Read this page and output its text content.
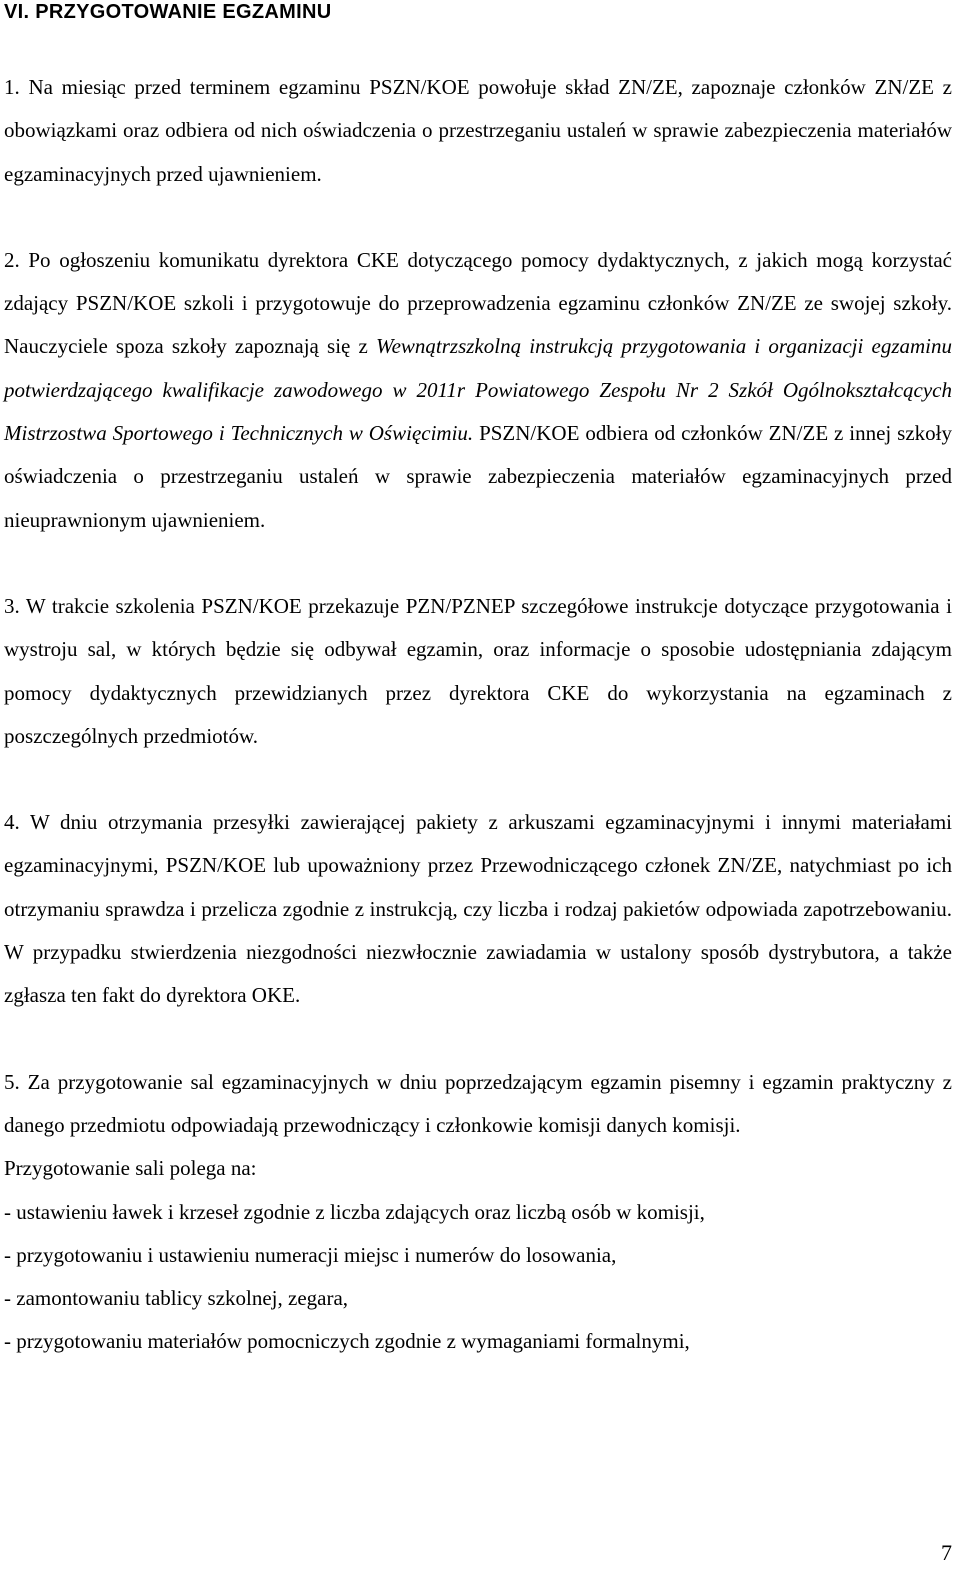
VI. PRZYGOTOWANIE EGZAMINU

1. Na miesiąc przed terminem egzaminu PSZN/KOE powołuje skład ZN/ZE, zapoznaje członków ZN/ZE z obowiązkami oraz odbiera od nich oświadczenia o przestrzeganiu ustaleń w sprawie zabezpieczenia materiałów egzaminacyjnych przed ujawnieniem.

2. Po ogłoszeniu komunikatu dyrektora CKE dotyczącego pomocy dydaktycznych, z jakich mogą korzystać zdający PSZN/KOE szkoli i przygotowuje do przeprowadzenia egzaminu członków ZN/ZE ze swojej szkoły. Nauczyciele spoza szkoły zapoznają się z Wewnątrzszkolną instrukcją przygotowania i organizacji egzaminu potwierdzającego kwalifikacje zawodowego w 2011r Powiatowego Zespołu Nr 2 Szkół Ogólnokształcących Mistrzostwa Sportowego i Technicznych w Oświęcimiu. PSZN/KOE odbiera od członków ZN/ZE z innej szkoły oświadczenia o przestrzeganiu ustaleń w sprawie zabezpieczenia materiałów egzaminacyjnych przed nieuprawnionym ujawnieniem.

3. W trakcie szkolenia PSZN/KOE przekazuje PZN/PZNEP szczegółowe instrukcje dotyczące przygotowania i wystroju sal, w których będzie się odbywał egzamin, oraz informacje o sposobie udostępniania zdającym pomocy dydaktycznych przewidzianych przez dyrektora CKE do wykorzystania na egzaminach z poszczególnych przedmiotów.

4. W dniu otrzymania przesyłki zawierającej pakiety z arkuszami egzaminacyjnymi i innymi materiałami egzaminacyjnymi, PSZN/KOE lub upoważniony przez Przewodniczącego członek ZN/ZE, natychmiast po ich otrzymaniu sprawdza i przelicza zgodnie z instrukcją, czy liczba i rodzaj pakietów odpowiada zapotrzebowaniu. W przypadku stwierdzenia niezgodności niezwłocznie zawiadamia w ustalony sposób dystrybutora, a także zgłasza ten fakt do dyrektora OKE.

5. Za przygotowanie sal egzaminacyjnych w dniu poprzedzającym egzamin pisemny i egzamin praktyczny z danego przedmiotu odpowiadają przewodniczący i członkowie komisji danych komisji.

Przygotowanie sali polega na:

- ustawieniu ławek i krzeseł zgodnie z liczba zdających oraz liczbą osób w komisji,

- przygotowaniu i ustawieniu numeracji miejsc i numerów do losowania,

- zamontowaniu tablicy szkolnej, zegara,

- przygotowaniu materiałów pomocniczych zgodnie z wymaganiami formalnymi,

7
